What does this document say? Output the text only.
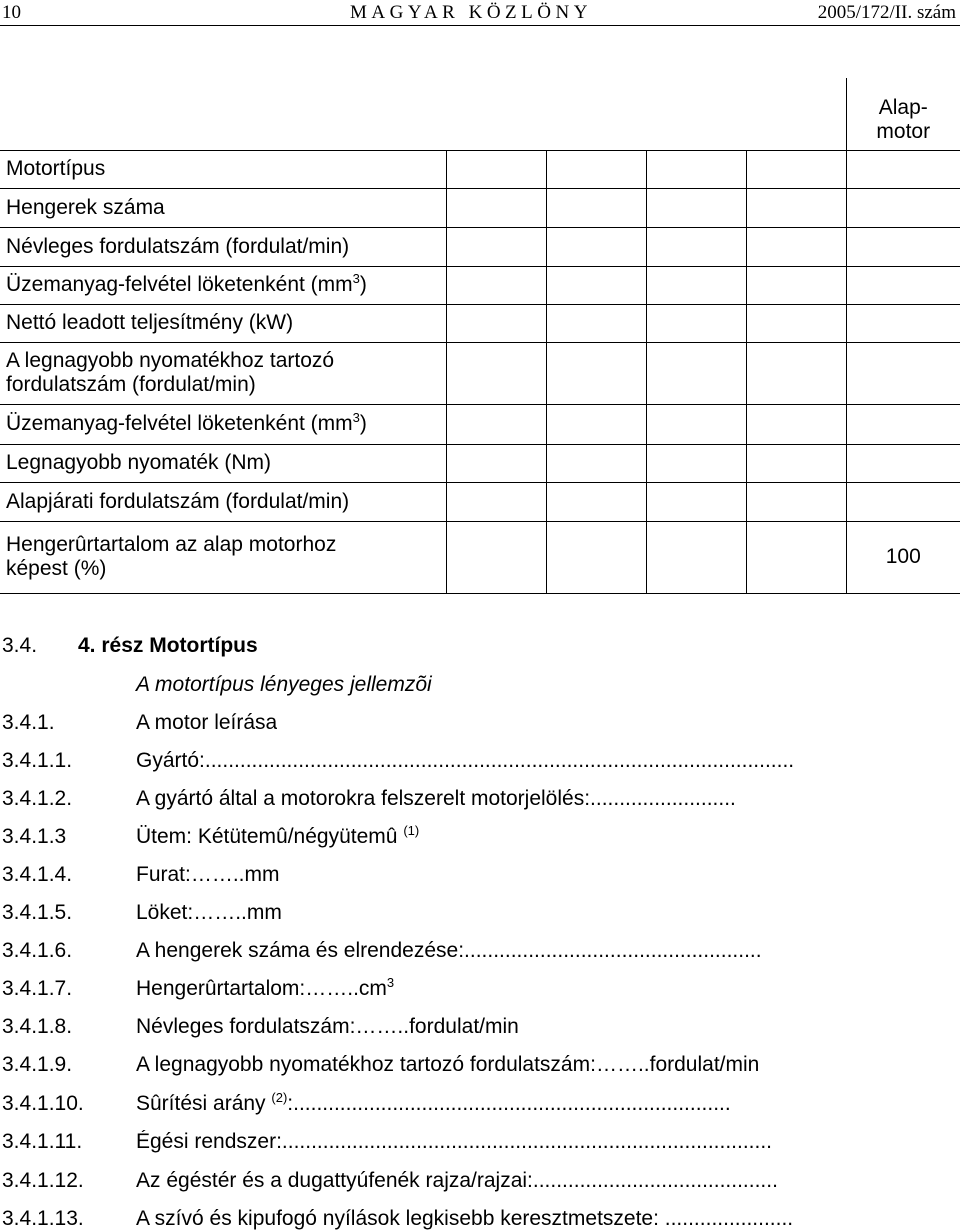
10	MAGYAR KÖZLÖNY	2005/172/II. szám
					Alap-
motor
Motortípus					
Hengerek száma					
Névleges fordulatszám (fordulat/min)					
Üzemanyag-felvétel löketenként $(mm^3)$					
Nettó leadott teljesítmény (kW)					
A legnagyobb nyomatékhoz tartozó
fordulatszám (fordulat/min)					
Üzemanyag-felvétel löketenként $(mm^3)$					
Legnagyobb nyomaték (Nm)					
Alapjárati fordulatszám (fordulat/min)					
Hengerûrtartalom az alap motorhoz
képest (%)					100
3.4. 4. rész Motortípus
A motortípus lényeges jellemzõi
3.4.1.	A motor leírása
3.4.1.1.	Gyártó:.....................................................................................................
3.4.1.2.	A gyártó által a motorokra felszerelt motorjelölés:.........................
3.4.1.3	Ütem: Kétütemû/négyütemû $^{(1)}$
3.4.1.4.	Furat:……..mm
3.4.1.5.	Löket:……..mm
3.4.1.6.	A hengerek száma és elrendezése:...................................................
3.4.1.7.	$Hengerûrtartalom:\dots\dots..cm^3$
3.4.1.8.	Névleges fordulatszám:……..fordulat/min
3.4.1.9.	A legnagyobb nyomatékhoz tartozó fordulatszám:……..fordulat/min
3.4.1.10. Sûrítési arány $^{(2)}$:...........................................................................
3.4.1.11.	Égési rendszer:....................................................................................
3.4.1.12. Az égéstér és a dugattyúfenék rajza/rajzai:..........................................
3.4.1.13. A szívó és kipufogó nyílások legkisebb keresztmetszete: ......................
